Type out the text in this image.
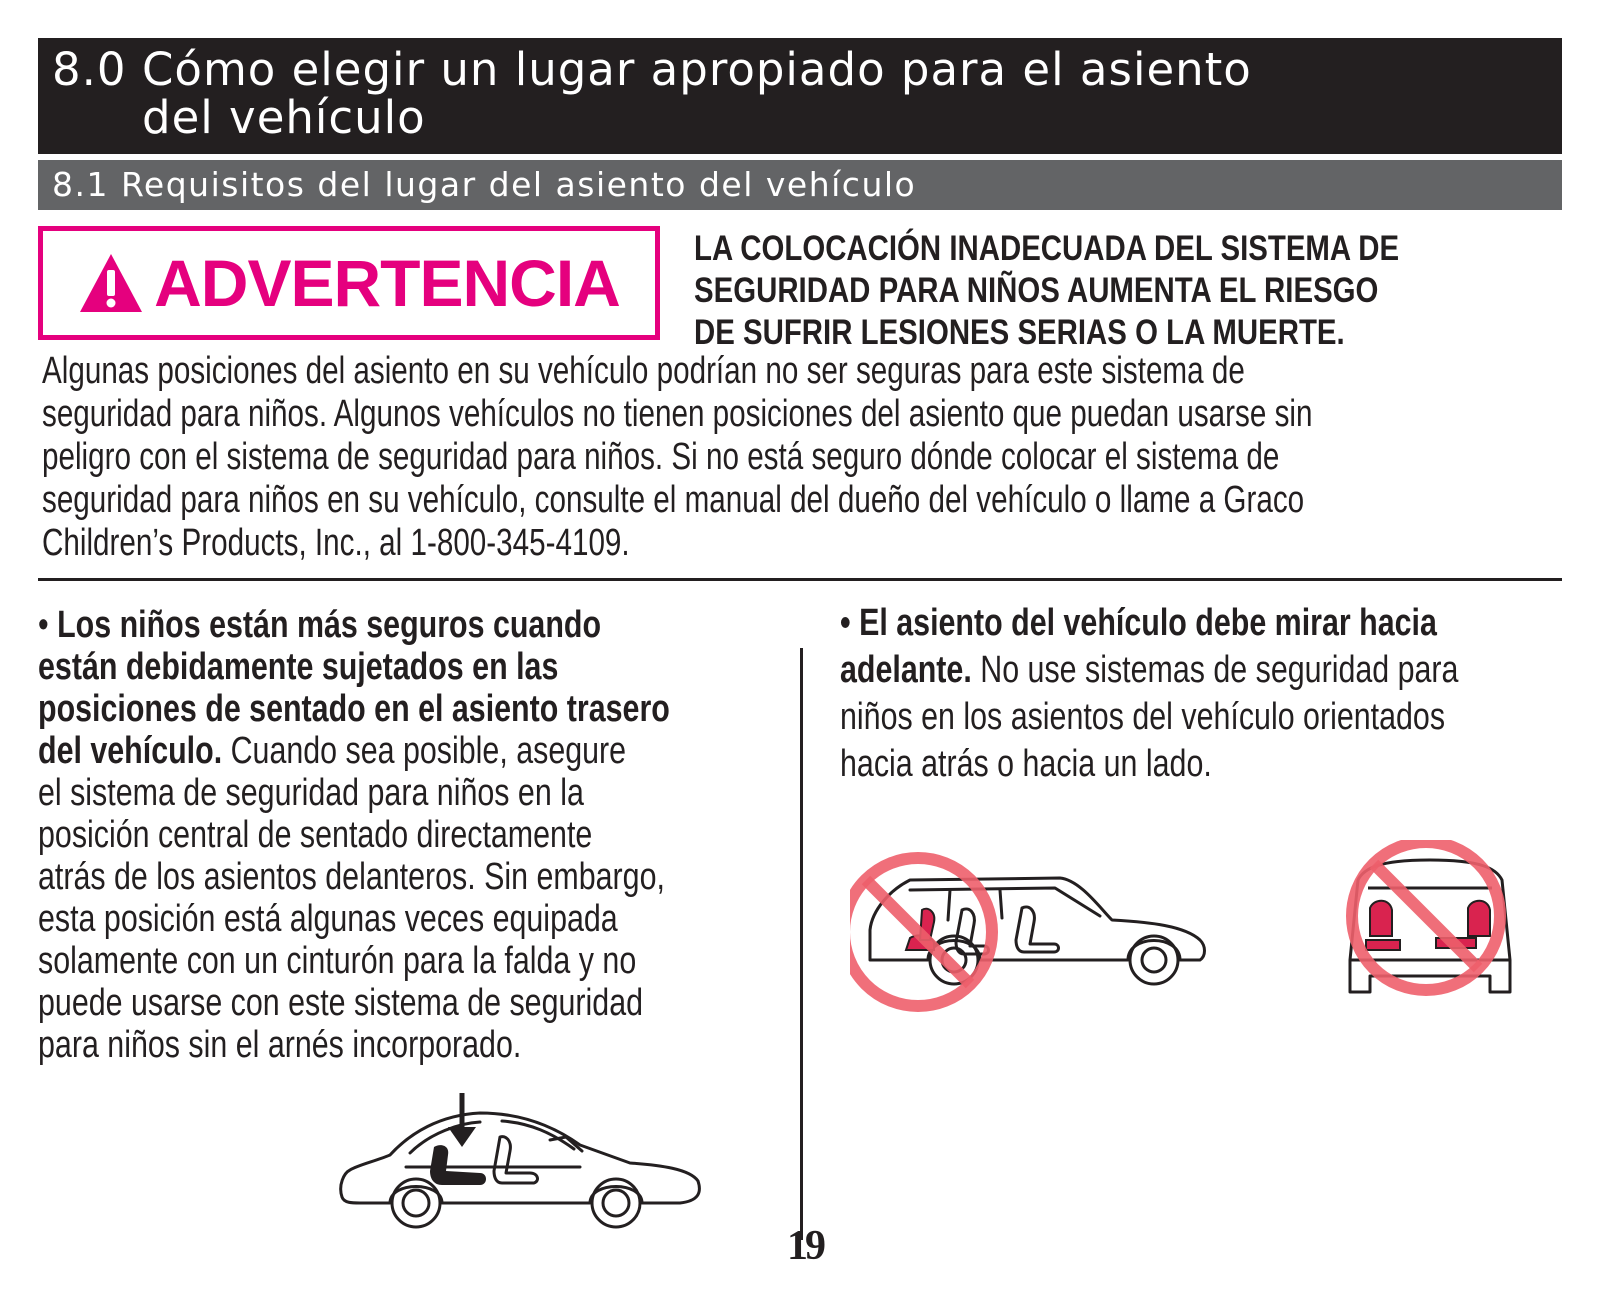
8.0 Cómo elegir un lugar apropiado para el asiento
del vehículo
8.1 Requisitos del lugar del asiento del vehículo
ADVERTENCIA LA COLOCACIÓN INADECUADA DEL SISTEMA DE
SEGURIDAD PARA NIÑOS AUMENTA EL RIESGO
DE SUFRIR LESIONES SERIAS O LA MUERTE.
Algunas posiciones del asiento en su vehículo podrían no ser seguras para este sistema de
seguridad para niños. Algunos vehículos no tienen posiciones del asiento que puedan usarse sin
peligro con el sistema de seguridad para niños. Si no está seguro dónde colocar el sistema de
seguridad para niños en su vehículo, consulte el manual del dueño del vehículo o llame a Graco
Children’s Products, Inc., al 1-800-345-4109.
• Los niños están más seguros cuando
están debidamente sujetados en las
posiciones de sentado en el asiento trasero
del vehículo. Cuando sea posible, asegure
el sistema de seguridad para niños en la
posición central de sentado directamente
atrás de los asientos delanteros. Sin embargo,
esta posición está algunas veces equipada
solamente con un cinturón para la falda y no
puede usarse con este sistema de seguridad
para niños sin el arnés incorporado.
• El asiento del vehículo debe mirar hacia
adelante. No use sistemas de seguridad para
niños en los asientos del vehículo orientados
hacia atrás o hacia un lado.
19
